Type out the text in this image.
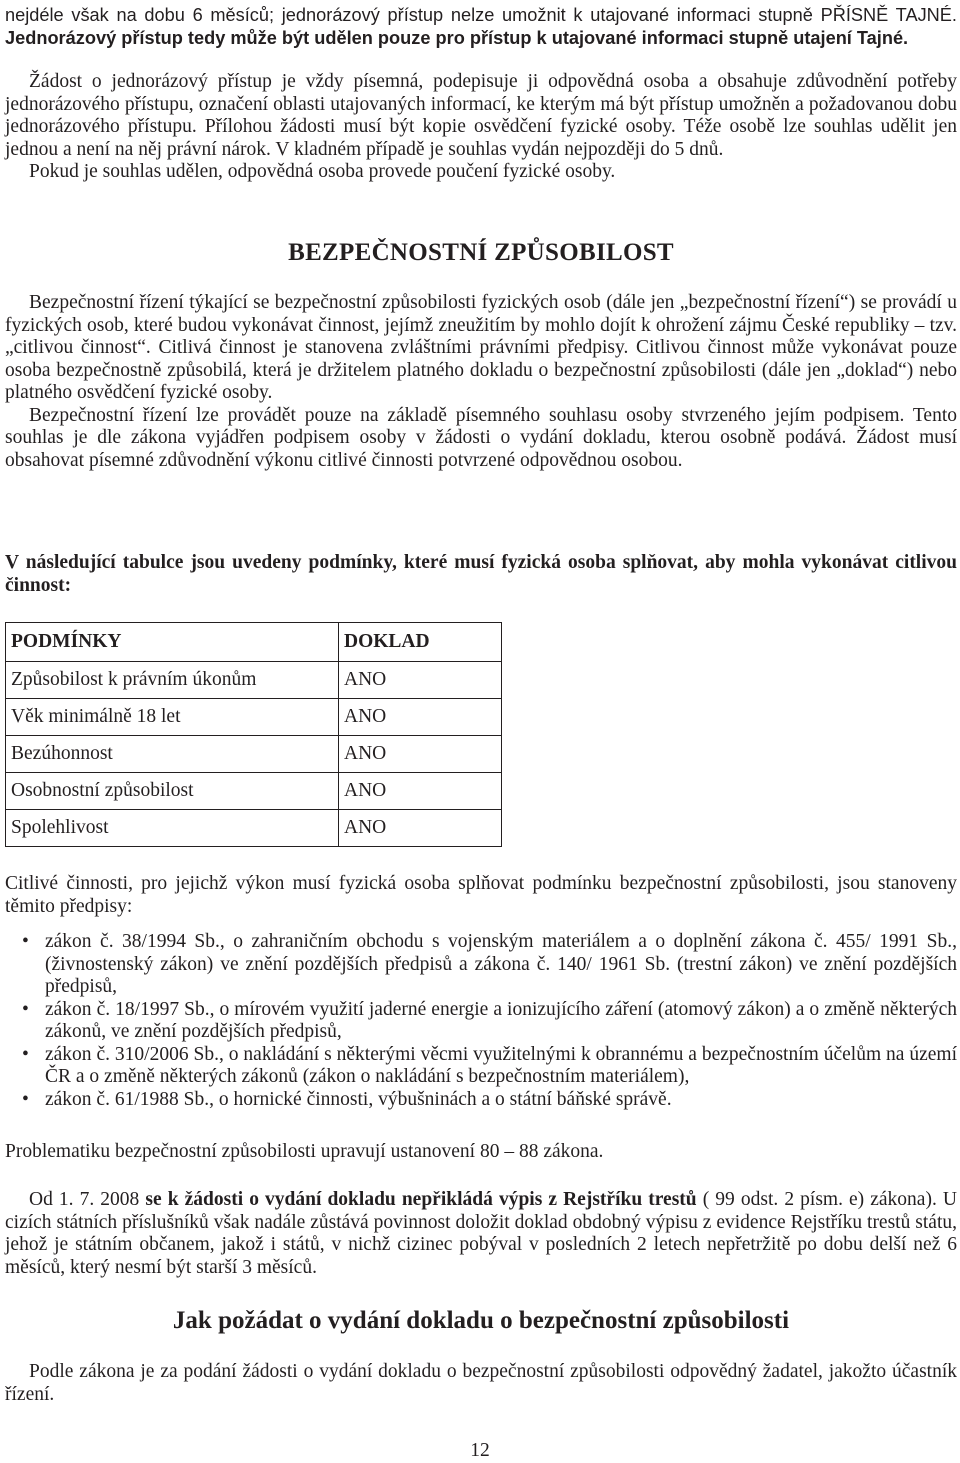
nejdéle však na dobu 6 měsíců; jednorázový přístup nelze umožnit k utajované informaci stupně PŘÍSNĚ TAJNÉ. Jednorázový přístup tedy může být udělen pouze pro přístup k utajované informaci stupně utajení Tajné.

Žádost o jednorázový přístup je vždy písemná, podepisuje ji odpovědná osoba a obsahuje zdůvodnění potřeby jednorázového přístupu, označení oblasti utajovaných informací, ke kterým má být přístup umožněn a požadovanou dobu jednorázového přístupu. Přílohou žádosti musí být kopie osvědčení fyzické osoby. Téže osobě lze souhlas udělit jen jednou a není na něj právní nárok. V kladném případě je souhlas vydán nejpozději do 5 dnů.

Pokud je souhlas udělen, odpovědná osoba provede poučení fyzické osoby.

BEZPEČNOSTNÍ ZPŮSOBILOST

Bezpečnostní řízení týkající se bezpečnostní způsobilosti fyzických osob (dále jen „bezpečnostní řízení“) se provádí u fyzických osob, které budou vykonávat činnost, jejímž zneužitím by mohlo dojít k ohrožení zájmu České republiky – tzv. „citlivou činnost“. Citlivá činnost je stanovena zvláštními právními předpisy. Citlivou činnost může vykonávat pouze osoba bezpečnostně způsobilá, která je držitelem platného dokladu o bezpečnostní způsobilosti (dále jen „doklad“) nebo platného osvědčení fyzické osoby.

Bezpečnostní řízení lze provádět pouze na základě písemného souhlasu osoby stvrzeného jejím podpisem. Tento souhlas je dle zákona vyjádřen podpisem osoby v žádosti o vydání dokladu, kterou osobně podává. Žádost musí obsahovat písemné zdůvodnění výkonu citlivé činnosti potvrzené odpovědnou osobou.

V následující tabulce jsou uvedeny podmínky, které musí fyzická osoba splňovat, aby mohla vykonávat citlivou činnost:

PODMÍNKY	DOKLAD
Způsobilost k právním úkonům	ANO
Věk minimálně 18 let	ANO
Bezúhonnost	ANO
Osobnostní způsobilost	ANO
Spolehlivost	ANO

Citlivé činnosti, pro jejichž výkon musí fyzická osoba splňovat podmínku bezpečnostní způsobilosti, jsou stanoveny těmito předpisy:

• zákon č. 38/1994 Sb., o zahraničním obchodu s vojenským materiálem a o doplnění zákona č. 455/ 1991 Sb., (živnostenský zákon) ve znění pozdějších předpisů a zákona č. 140/ 1961 Sb. (trestní zákon) ve znění pozdějších předpisů,
• zákon č. 18/1997 Sb., o mírovém využití jaderné energie a ionizujícího záření (atomový zákon) a o změně některých zákonů, ve znění pozdějších předpisů,
• zákon č. 310/2006 Sb., o nakládání s některými věcmi využitelnými k obrannému a bezpečnostním účelům na území ČR a o změně některých zákonů (zákon o nakládání s bezpečnostním materiálem),
• zákon č. 61/1988 Sb., o hornické činnosti, výbušninách a o státní báňské správě.

Problematiku bezpečnostní způsobilosti upravují ustanovení 80 – 88 zákona.

Od 1. 7. 2008 se k žádosti o vydání dokladu nepřikládá výpis z Rejstříku trestů ( 99 odst. 2 písm. e) zákona). U cizích státních příslušníků však nadále zůstává povinnost doložit doklad obdobný výpisu z evidence Rejstříku trestů státu, jehož je státním občanem, jakož i států, v nichž cizinec pobýval v posledních 2 letech nepřetržitě po dobu delší než 6 měsíců, který nesmí být starší 3 měsíců.

Jak požádat o vydání dokladu o bezpečnostní způsobilosti

Podle zákona je za podání žádosti o vydání dokladu o bezpečnostní způsobilosti odpovědný žadatel, jakožto účastník řízení.

12
